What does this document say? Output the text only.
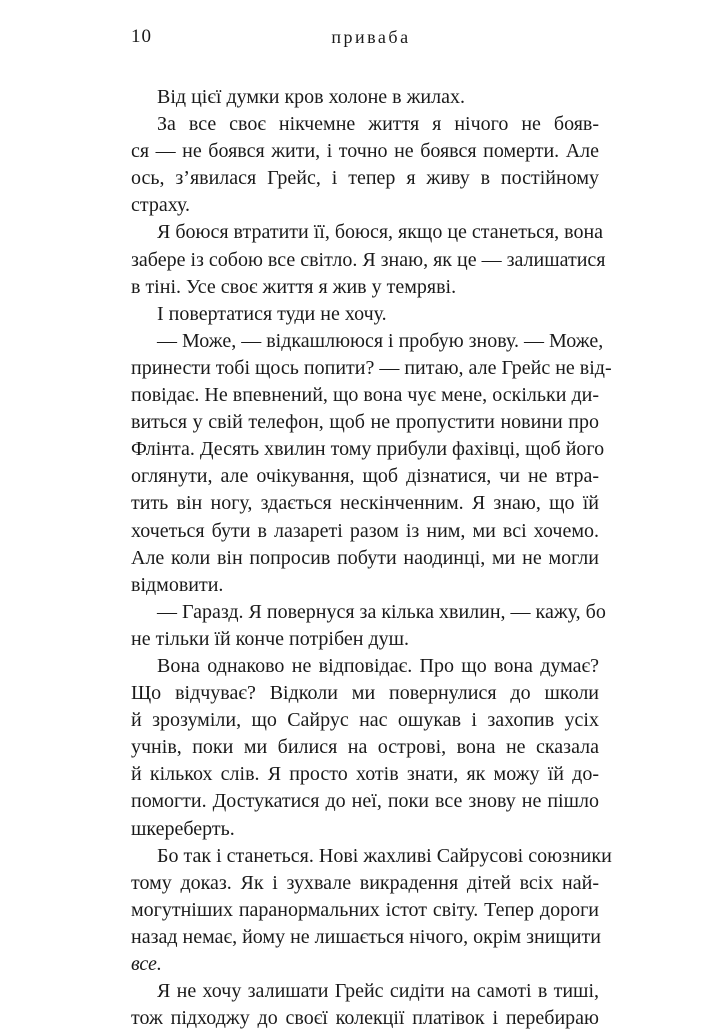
10	приваба
Від цієї думки кров холоне в жилах.
За все своє нікчемне життя я нічого не бояв-
ся — не боявся жити, і точно не боявся померти. Але
ось, з’явилася Грейс, і тепер я живу в постійному
страху.
Я боюся втратити її, боюся, якщо це станеться, вона
забере із собою все світло. Я знаю, як це — залишатися
в тіні. Усе своє життя я жив у темряві.
І повертатися туди не хочу.
— Може, — відкашлююся і пробую знову. — Може,
принести тобі щось попити? — питаю, але Грейс не від-
повідає. Не впевнений, що вона чує мене, оскільки ди-
виться у свій телефон, щоб не пропустити новини про
Флінта. Десять хвилин тому прибули фахівці, щоб його
оглянути, але очікування, щоб дізнатися, чи не втра-
тить він ногу, здається нескінченним. Я знаю, що їй
хочеться бути в лазареті разом із ним, ми всі хочемо.
Але коли він попросив побути наодинці, ми не могли
відмовити.
— Гаразд. Я повернуся за кілька хвилин, — кажу, бо
не тільки їй конче потрібен душ.
Вона однаково не відповідає. Про що вона думає?
Що відчуває? Відколи ми повернулися до школи
й зрозуміли, що Сайрус нас ошукав і захопив усіх
учнів, поки ми билися на острові, вона не сказала
й кількох слів. Я просто хотів знати, як можу їй до-
помогти. Достукатися до неї, поки все знову не пішло
шкереберть.
Бо так і станеться. Нові жахливі Сайрусові союзники
тому доказ. Як і зухвале викрадення дітей всіх най-
могутніших паранормальних істот світу. Тепер дороги
назад немає, йому не лишається нічого, окрім знищити
все.
Я не хочу залишати Грейс сидіти на самоті в тиші,
тож підходжу до своєї колекції платівок і перебираю
